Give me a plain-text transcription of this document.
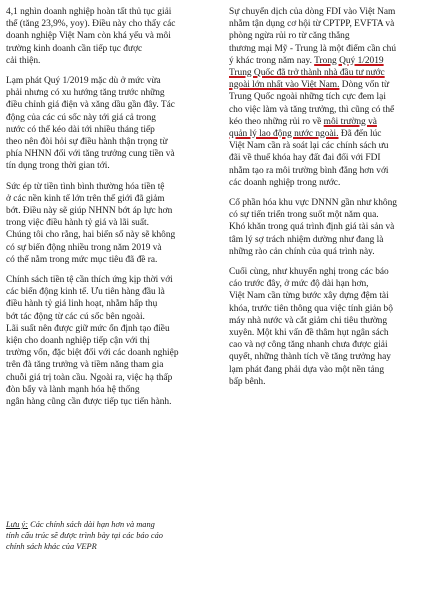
4,1 nghìn doanh nghiệp hoàn tất thủ tục giải
thể (tăng 23,9%, yoy). Điều này cho thấy các
doanh nghiệp Việt Nam còn khá yếu và môi
trường kinh doanh cần tiếp tục được
cải thiện.

Lạm phát Quý 1/2019 mặc dù ở mức vừa
phải nhưng có xu hướng tăng trước những
điều chỉnh giá điện và xăng dầu gần đây. Tác
động của các cú sốc này tới giá cả trong
nước có thể kéo dài tới nhiều tháng tiếp
theo nên đòi hỏi sự điều hành thận trọng từ
phía NHNN đối với tăng trưởng cung tiền và
tín dụng trong thời gian tới.

Sức ép từ tiền tình bình thường hóa tiền tệ
ở các nền kinh tế lớn trên thế giới đã giảm
bớt. Điều này sẽ giúp NHNN bớt áp lực hơn
trong việc điều hành tỷ giá và lãi suất.
Chúng tôi cho rằng, hai biến số này sẽ không
có sự biến động nhiều trong năm 2019 và
có thể nằm trong mức mục tiêu đã đề ra.

Chính sách tiền tệ cần thích ứng kịp thời với
các biến động kinh tế. Ưu tiên hàng đầu là
điều hành tỷ giá linh hoạt, nhằm hấp thụ
bớt tác động từ các cú sốc bên ngoài.
Lãi suất nên được giữ mức ổn định tạo điều
kiện cho doanh nghiệp tiếp cận với thị
trường vốn, đặc biệt đối với các doanh nghiệp
trên đà tăng trưởng và tiềm năng tham gia
chuỗi giá trị toàn cầu. Ngoài ra, việc hạ thấp
đòn bẩy và lành mạnh hóa hệ thống
ngân hàng cũng cần được tiếp tục tiến hành.

Lưu ý: Các chính sách dài hạn hơn và mang
tính cấu trúc sẽ được trình bày tại các báo cáo
chính sách khác của VEPR

Sự chuyển dịch của dòng FDI vào Việt Nam
nhằm tận dụng cơ hội từ CPTPP, EVFTA và
phòng ngừa rủi ro từ căng thẳng
thương mại Mỹ - Trung là một điểm cần chú
ý khác trong năm nay. Trong Quý 1/2019
Trung Quốc đã trở thành nhà đầu tư nước
ngoài lớn nhất vào Việt Nam. Dòng vốn từ
Trung Quốc ngoài những tích cực đem lại
cho việc làm và tăng trưởng, thì cũng có thể
kéo theo những rủi ro về môi trường và
quản lý lao động nước ngoài. Đã đến lúc
Việt Nam cần rà soát lại các chính sách ưu
đãi về thuế khóa hay đất đai đối với FDI
nhằm tạo ra môi trường bình đẳng hơn với
các doanh nghiệp trong nước.

Cổ phần hóa khu vực DNNN gần như không
có sự tiến triển trong suốt một năm qua.
Khó khăn trong quá trình định giá tài sản và
tâm lý sợ trách nhiệm dường như đang là
những rào cản chính của quá trình này.

Cuối cùng, như khuyến nghị trong các báo
cáo trước đây, ở mức độ dài hạn hơn,
Việt Nam cần từng bước xây dựng đệm tài
khóa, trước tiên thông qua việc tính giản bộ
máy nhà nước và cắt giảm chi tiêu thường
xuyên. Một khi vấn đề thâm hụt ngân sách
cao và nợ công tăng nhanh chưa được giải
quyết, những thành tích về tăng trưởng hay
lạm phát đang phải dựa vào một nền tảng
bấp bênh.
